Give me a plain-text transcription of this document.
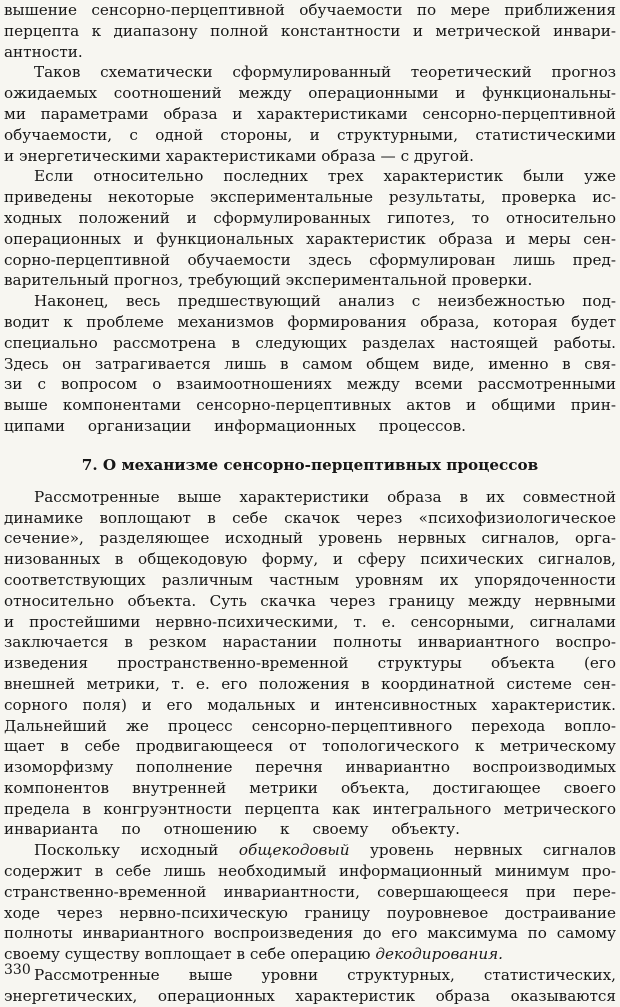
вышение сенсорно-перцептивной обучаемости по мере приближения
перцепта к диапазону полной константности и метрической инвари-
антности.
Таков схематически сформулированный теоретический прогноз
ожидаемых соотношений между операционными и функциональны-
ми параметрами образа и характеристиками сенсорно-перцептивной
обучаемости, с одной стороны, и структурными, статистическими
и энергетическими характеристиками образа — с другой.
Если относительно последних трех характеристик были уже
приведены некоторые экспериментальные результаты, проверка ис-
ходных положений и сформулированных гипотез, то относительно
операционных и функциональных характеристик образа и меры сен-
сорно-перцептивной обучаемости здесь сформулирован лишь пред-
варительный прогноз, требующий экспериментальной проверки.
Наконец, весь предшествующий анализ с неизбежностью под-
водит к проблеме механизмов формирования образа, которая будет
специально рассмотрена в следующих разделах настоящей работы.
Здесь он затрагивается лишь в самом общем виде, именно в свя-
зи с вопросом о взаимоотношениях между всеми рассмотренными
выше компонентами сенсорно-перцептивных актов и общими прин-
ципами организации информационных процессов.
7. О механизме сенсорно-перцептивных процессов
Рассмотренные выше характеристики образа в их совместной
динамике воплощают в себе скачок через «психофизиологическое
сечение», разделяющее исходный уровень нервных сигналов, орга-
низованных в общекодовую форму, и сферу психических сигналов,
соответствующих различным частным уровням их упорядоченности
относительно объекта. Суть скачка через границу между нервными
и простейшими нервно-психическими, т. е. сенсорными, сигналами
заключается в резком нарастании полноты инвариантного воспро-
изведения пространственно-временной структуры объекта (его
внешней метрики, т. е. его положения в координатной системе сен-
сорного поля) и его модальных и интенсивностных характеристик.
Дальнейший же процесс сенсорно-перцептивного перехода вопло-
щает в себе продвигающееся от топологического к метрическому
изоморфизму пополнение перечня инвариантно воспроизводимых
компонентов внутренней метрики объекта, достигающее своего
предела в конгруэнтности перцепта как интегрального метрического
инварианта по отношению к своему объекту.
Поскольку исходный общекодовый уровень нервных сигналов
содержит в себе лишь необходимый информационный минимум про-
странственно-временной инвариантности, совершающееся при пере-
ходе через нервно-психическую границу поуровневое достраивание
полноты инвариантного воспроизведения до его максимума по самому
своему существу воплощает в себе операцию декодирования.
Рассмотренные выше уровни структурных, статистических,
энергетических, операционных характеристик образа оказываются
330
